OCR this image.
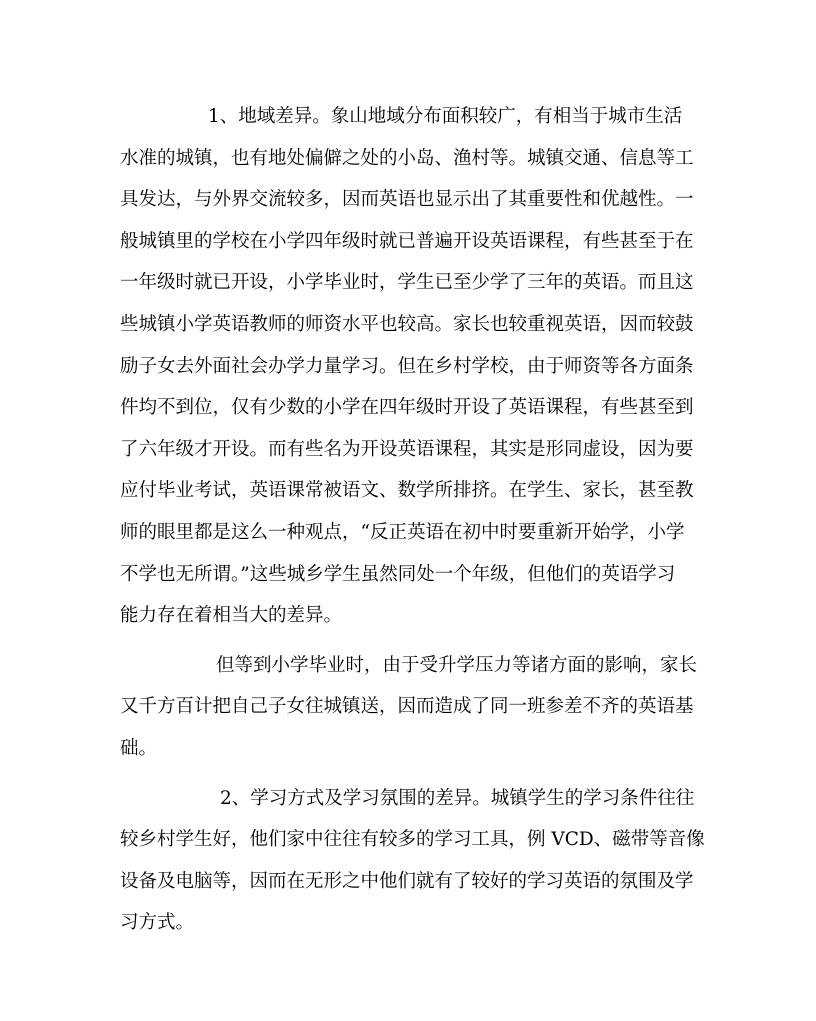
1、地域差异。象山地域分布面积较广，有相当于城市生活
水准的城镇，也有地处偏僻之处的小岛、渔村等。城镇交通、信息等工
具发达，与外界交流较多，因而英语也显示出了其重要性和优越性。一
般城镇里的学校在小学四年级时就已普遍开设英语课程，有些甚至于在
一年级时就已开设，小学毕业时，学生已至少学了三年的英语。而且这
些城镇小学英语教师的师资水平也较高。家长也较重视英语，因而较鼓
励子女去外面社会办学力量学习。但在乡村学校，由于师资等各方面条
件均不到位，仅有少数的小学在四年级时开设了英语课程，有些甚至到
了六年级才开设。而有些名为开设英语课程，其实是形同虚设，因为要
应付毕业考试，英语课常被语文、数学所排挤。在学生、家长，甚至教
师的眼里都是这么一种观点，“反正英语在初中时要重新开始学，小学
不学也无所谓。”这些城乡学生虽然同处一个年级，但他们的英语学习
能力存在着相当大的差异。
但等到小学毕业时，由于受升学压力等诸方面的影响，家长
又千方百计把自己子女往城镇送，因而造成了同一班参差不齐的英语基
础。
2、学习方式及学习氛围的差异。城镇学生的学习条件往往
较乡村学生好，他们家中往往有较多的学习工具，例 VCD、磁带等音像
设备及电脑等，因而在无形之中他们就有了较好的学习英语的氛围及学
习方式。
